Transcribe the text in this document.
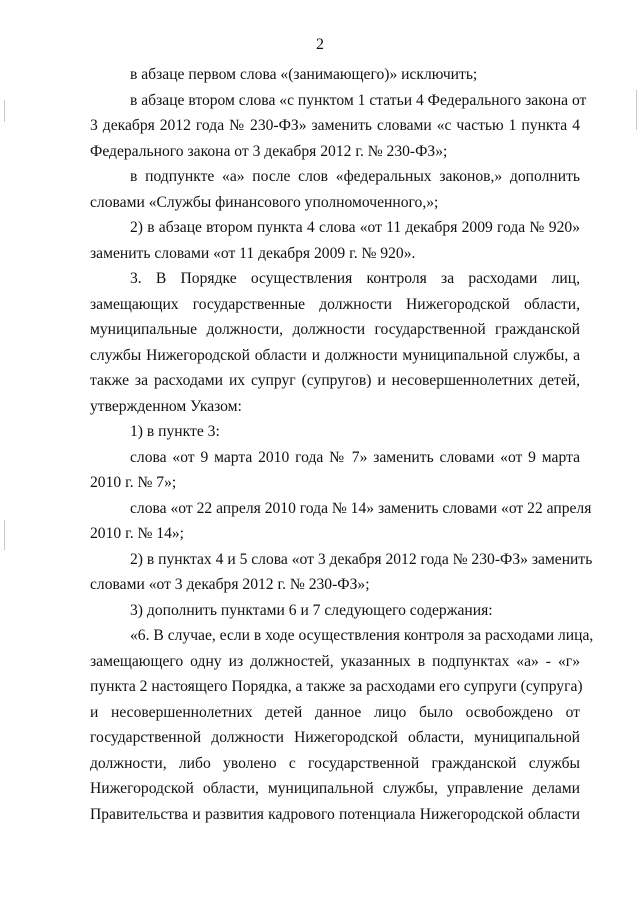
2
в абзаце первом слова «(занимающего)» исключить;
в абзаце втором слова «с пунктом 1 статьи 4 Федерального закона от
3 декабря 2012 года № 230-ФЗ» заменить словами «с частью 1 пункта 4
Федерального закона от 3 декабря 2012 г. № 230-ФЗ»;
в подпункте «а» после слов «федеральных законов,» дополнить
словами «Службы финансового уполномоченного,»;
2) в абзаце втором пункта 4 слова «от 11 декабря 2009 года № 920»
заменить словами «от 11 декабря 2009 г. № 920».
3. В Порядке осуществления контроля за расходами лиц,
замещающих государственные должности Нижегородской области,
муниципальные должности, должности государственной гражданской
службы Нижегородской области и должности муниципальной службы, а
также за расходами их супруг (супругов) и несовершеннолетних детей,
утвержденном Указом:
1) в пункте 3:
слова «от 9 марта 2010 года № 7» заменить словами «от 9 марта
2010 г. № 7»;
слова «от 22 апреля 2010 года № 14» заменить словами «от 22 апреля
2010 г. № 14»;
2) в пунктах 4 и 5 слова «от 3 декабря 2012 года № 230-ФЗ» заменить
словами «от 3 декабря 2012 г. № 230-ФЗ»;
3) дополнить пунктами 6 и 7 следующего содержания:
«6. В случае, если в ходе осуществления контроля за расходами лица,
замещающего одну из должностей, указанных в подпунктах «а» - «г»
пункта 2 настоящего Порядка, а также за расходами его супруги (супруга)
и несовершеннолетних детей данное лицо было освобождено от
государственной должности Нижегородской области, муниципальной
должности, либо уволено с государственной гражданской службы
Нижегородской области, муниципальной службы, управление делами
Правительства и развития кадрового потенциала Нижегородской области
